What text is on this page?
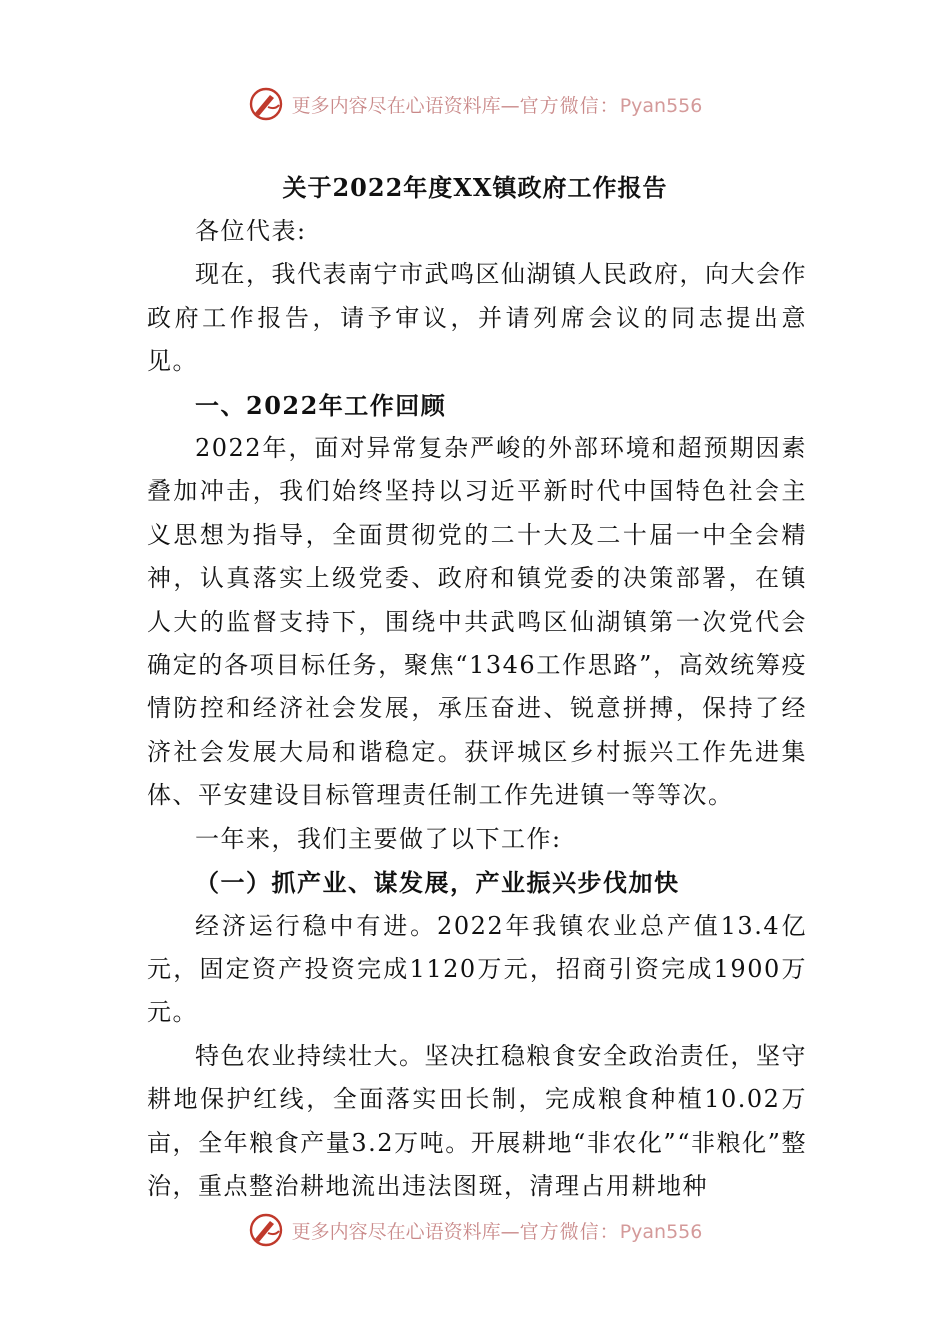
更多内容尽在心语资料库—官方微信：Pyan556
关于2022年度XX镇政府工作报告

各位代表:

现在，我代表南宁市武鸣区仙湖镇人民政府，向大会作政府工作报告，请予审议，并请列席会议的同志提出意见。

一、2022年工作回顾

2022年，面对异常复杂严峻的外部环境和超预期因素叠加冲击，我们始终坚持以习近平新时代中国特色社会主义思想为指导，全面贯彻党的二十大及二十届一中全会精神，认真落实上级党委、政府和镇党委的决策部署，在镇人大的监督支持下，围绕中共武鸣区仙湖镇第一次党代会确定的各项目标任务，聚焦“1346工作思路”，高效统筹疫情防控和经济社会发展，承压奋进、锐意拼搏，保持了经济社会发展大局和谐稳定。获评城区乡村振兴工作先进集体、平安建设目标管理责任制工作先进镇一等等次。

一年来，我们主要做了以下工作:

（一）抓产业、谋发展，产业振兴步伐加快

经济运行稳中有进。2022年我镇农业总产值13.4亿元，固定资产投资完成1120万元，招商引资完成1900万元。

特色农业持续壮大。坚决扛稳粮食安全政治责任，坚守耕地保护红线，全面落实田长制，完成粮食种植10.02万亩，全年粮食产量3.2万吨。开展耕地“非农化”“非粮化”整治，重点整治耕地流出违法图斑，清理占用耕地种

更多内容尽在心语资料库—官方微信：Pyan556
